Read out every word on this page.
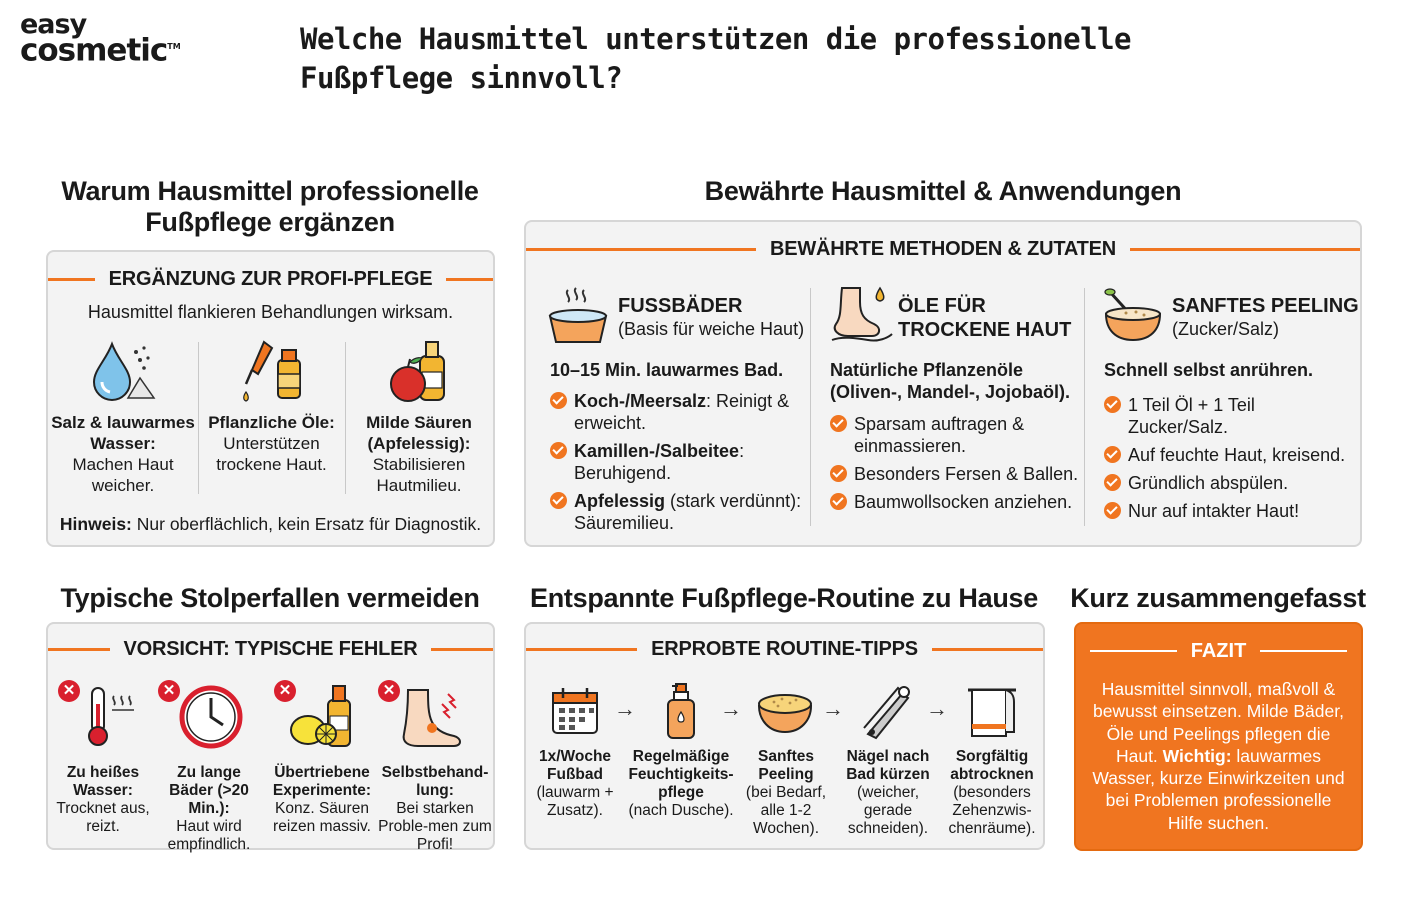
easy
cosmetic™	Welche Hausmittel unterstützen die professionelle Fußpflege sinnvoll?
Warum Hausmittel professionelle Fußpflege ergänzen
ERGÄNZUNG ZUR PROFI-PFLEGE
Hausmittel flankieren Behandlungen wirksam.
Salz & lauwarmes Wasser:
Machen Haut weicher.
Pflanzliche Öle:
Unterstützen trockene Haut.
Milde Säuren (Apfelessig):
Stabilisieren Hautmilieu.
Hinweis: Nur oberflächlich, kein Ersatz für Diagnostik.
Bewährte Hausmittel & Anwendungen
BEWÄHRTE METHODEN & ZUTATEN
FUSSBÄDER
(Basis für weiche Haut)
10–15 Min. lauwarmes Bad.
Koch-/Meersalz: Reinigt & erweicht.
Kamillen-/Salbeitee: Beruhigend.
Apfelessig (stark verdünnt): Säuremilieu.
ÖLE FÜR TROCKENE HAUT
Natürliche Pflanzenöle (Oliven-, Mandel-, Jojobaöl).
Sparsam auftragen & einmassieren.
Besonders Fersen & Ballen.
Baumwollsocken anziehen.
SANFTES PEELING
(Zucker/Salz)
Schnell selbst anrühren.
1 Teil Öl + 1 Teil Zucker/Salz.
Auf feuchte Haut, kreisend.
Gründlich abspülen.
Nur auf intakter Haut!
Typische Stolperfallen vermeiden
VORSICHT: TYPISCHE FEHLER
✕
Zu heißes Wasser:
Trocknet aus, reizt.
✕
Zu lange Bäder (>20 Min.):
Haut wird empfindlich.
✕
Übertriebene Experimente:
Konz. Säuren reizen massiv.
✕
Selbstbehand-lung:
Bei starken Proble-men zum Profi!
Entspannte Fußpflege-Routine zu Hause
ERPROBTE ROUTINE-TIPPS
→
1x/Woche Fußbad
(lauwarm + Zusatz).
→
Regelmäßige Feuchtigkeits-pflege
(nach Dusche).
→
Sanftes Peeling
(bei Bedarf, alle 1-2 Wochen).
→
Nägel nach Bad kürzen
(weicher, gerade schneiden).
Sorgfältig abtrocknen
(besonders Zehenzwis-chenräume).
Kurz zusammengefasst
FAZIT
Hausmittel sinnvoll, maßvoll & bewusst einsetzen. Milde Bäder, Öle und Peelings pflegen die Haut. Wichtig: lauwarmes Wasser, kurze Einwirkzeiten und bei Problemen professionelle Hilfe suchen.
